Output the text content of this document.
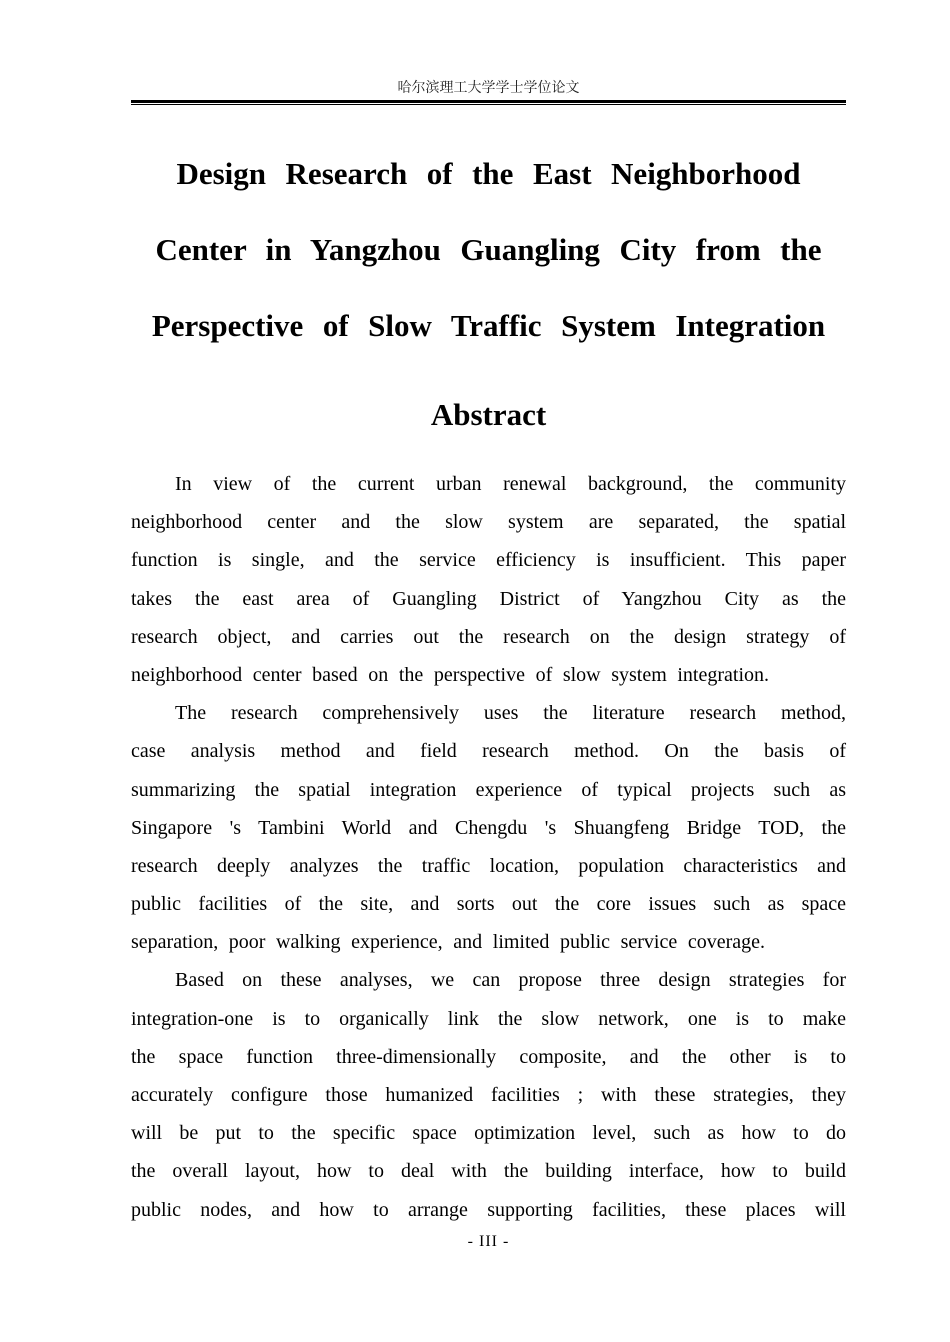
哈尔滨理工大学学士学位论文
Design Research of the East Neighborhood
Center in Yangzhou Guangling City from the
Perspective of Slow Traffic System Integration
Abstract
In view of the current urban renewal background, the community
neighborhood center and the slow system are separated, the spatial
function is single, and the service efficiency is insufficient. This paper
takes the east area of Guangling District of Yangzhou City as the
research object, and carries out the research on the design strategy of
neighborhood center based on the perspective of slow system integration.
The research comprehensively uses the literature research method,
case analysis method and field research method. On the basis of
summarizing the spatial integration experience of typical projects such as
Singapore 's Tambini World and Chengdu 's Shuangfeng Bridge TOD, the
research deeply analyzes the traffic location, population characteristics and
public facilities of the site, and sorts out the core issues such as space
separation, poor walking experience, and limited public service coverage.
Based on these analyses, we can propose three design strategies for
integration-one is to organically link the slow network, one is to make
the space function three-dimensionally composite, and the other is to
accurately configure those humanized facilities ; with these strategies, they
will be put to the specific space optimization level, such as how to do
the overall layout, how to deal with the building interface, how to build
public nodes, and how to arrange supporting facilities, these places will
- III -
